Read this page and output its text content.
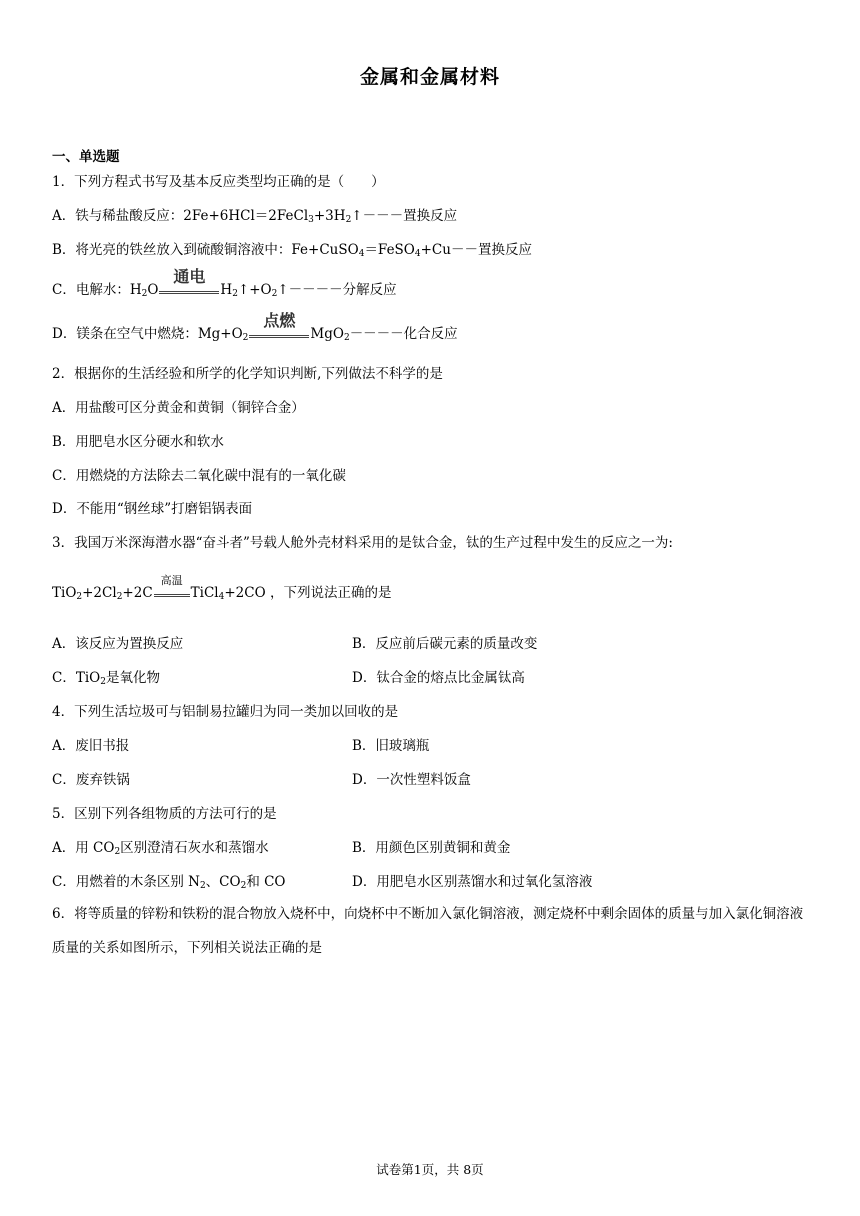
金属和金属材料
一、单选题
1．下列方程式书写及基本反应类型均正确的是（　　）
A．铁与稀盐酸反应：$2Fe+6HCl=2FeCl_3+3H_2↑---$置换反应
B．将光亮的铁丝放入到硫酸铜溶液中：Fe+CuSO$_4$＝FeSO$_4$+Cu－－置换反应
C．电解水：$H_2O$
通电
$H_2↑+O_2↑----$分解反应
D．镁条在空气中燃烧：$Mg+O_2$
点燃
MgO$_2$－－－－化合反应
2．根据你的生活经验和所学的化学知识判断,下列做法不科学的是
A．用盐酸可区分黄金和黄铜（铜锌合金）
B．用肥皂水区分硬水和软水
C．用燃烧的方法除去二氧化碳中混有的一氧化碳
D．不能用“钢丝球”打磨铝锅表面
3．我国万米深海潜水器“奋斗者”号载人舱外壳材料采用的是钛合金，钛的生产过程中发生的反应之一为:
$TiO_2+2Cl_2+2C$
高温
TiCl$_4$+2CO ，下列说法正确的是
A．该反应为置换反应	B．反应前后碳元素的质量改变
C．TiO$_2$是氧化物	D．钛合金的熔点比金属钛高
4．下列生活垃圾可与铝制易拉罐归为同一类加以回收的是
A．废旧书报	B．旧玻璃瓶
C．废弃铁锅	D．一次性塑料饭盒
5．区别下列各组物质的方法可行的是
A．用 $CO_2$区别澄清石灰水和蒸馏水	B．用颜色区别黄铜和黄金
C．用燃着的木条区别 $N_2$、$CO_2$和 CO	D．用肥皂水区别蒸馏水和过氧化氢溶液
6．将等质量的锌粉和铁粉的混合物放入烧杯中，向烧杯中不断加入氯化铜溶液，测定烧杯中剩余固体的质量与加入氯化铜溶液质量的关系如图所示，下列相关说法正确的是
试卷第1页，共 8页
